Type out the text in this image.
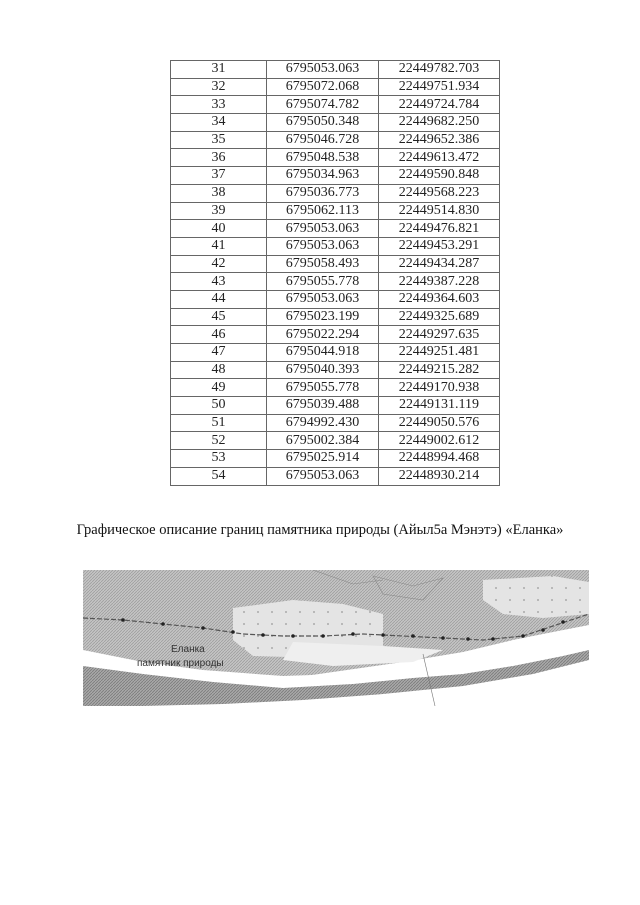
31	6795053.063	22449782.703
32	6795072.068	22449751.934
33	6795074.782	22449724.784
34	6795050.348	22449682.250
35	6795046.728	22449652.386
36	6795048.538	22449613.472
37	6795034.963	22449590.848
38	6795036.773	22449568.223
39	6795062.113	22449514.830
40	6795053.063	22449476.821
41	6795053.063	22449453.291
42	6795058.493	22449434.287
43	6795055.778	22449387.228
44	6795053.063	22449364.603
45	6795023.199	22449325.689
46	6795022.294	22449297.635
47	6795044.918	22449251.481
48	6795040.393	22449215.282
49	6795055.778	22449170.938
50	6795039.488	22449131.119
51	6794992.430	22449050.576
52	6795002.384	22449002.612
53	6795025.914	22448994.468
54	6795053.063	22448930.214
Графическое описание границ памятника природы (Айыл5а Мэнэтэ) «Еланка»
Еланка
памятник природы
